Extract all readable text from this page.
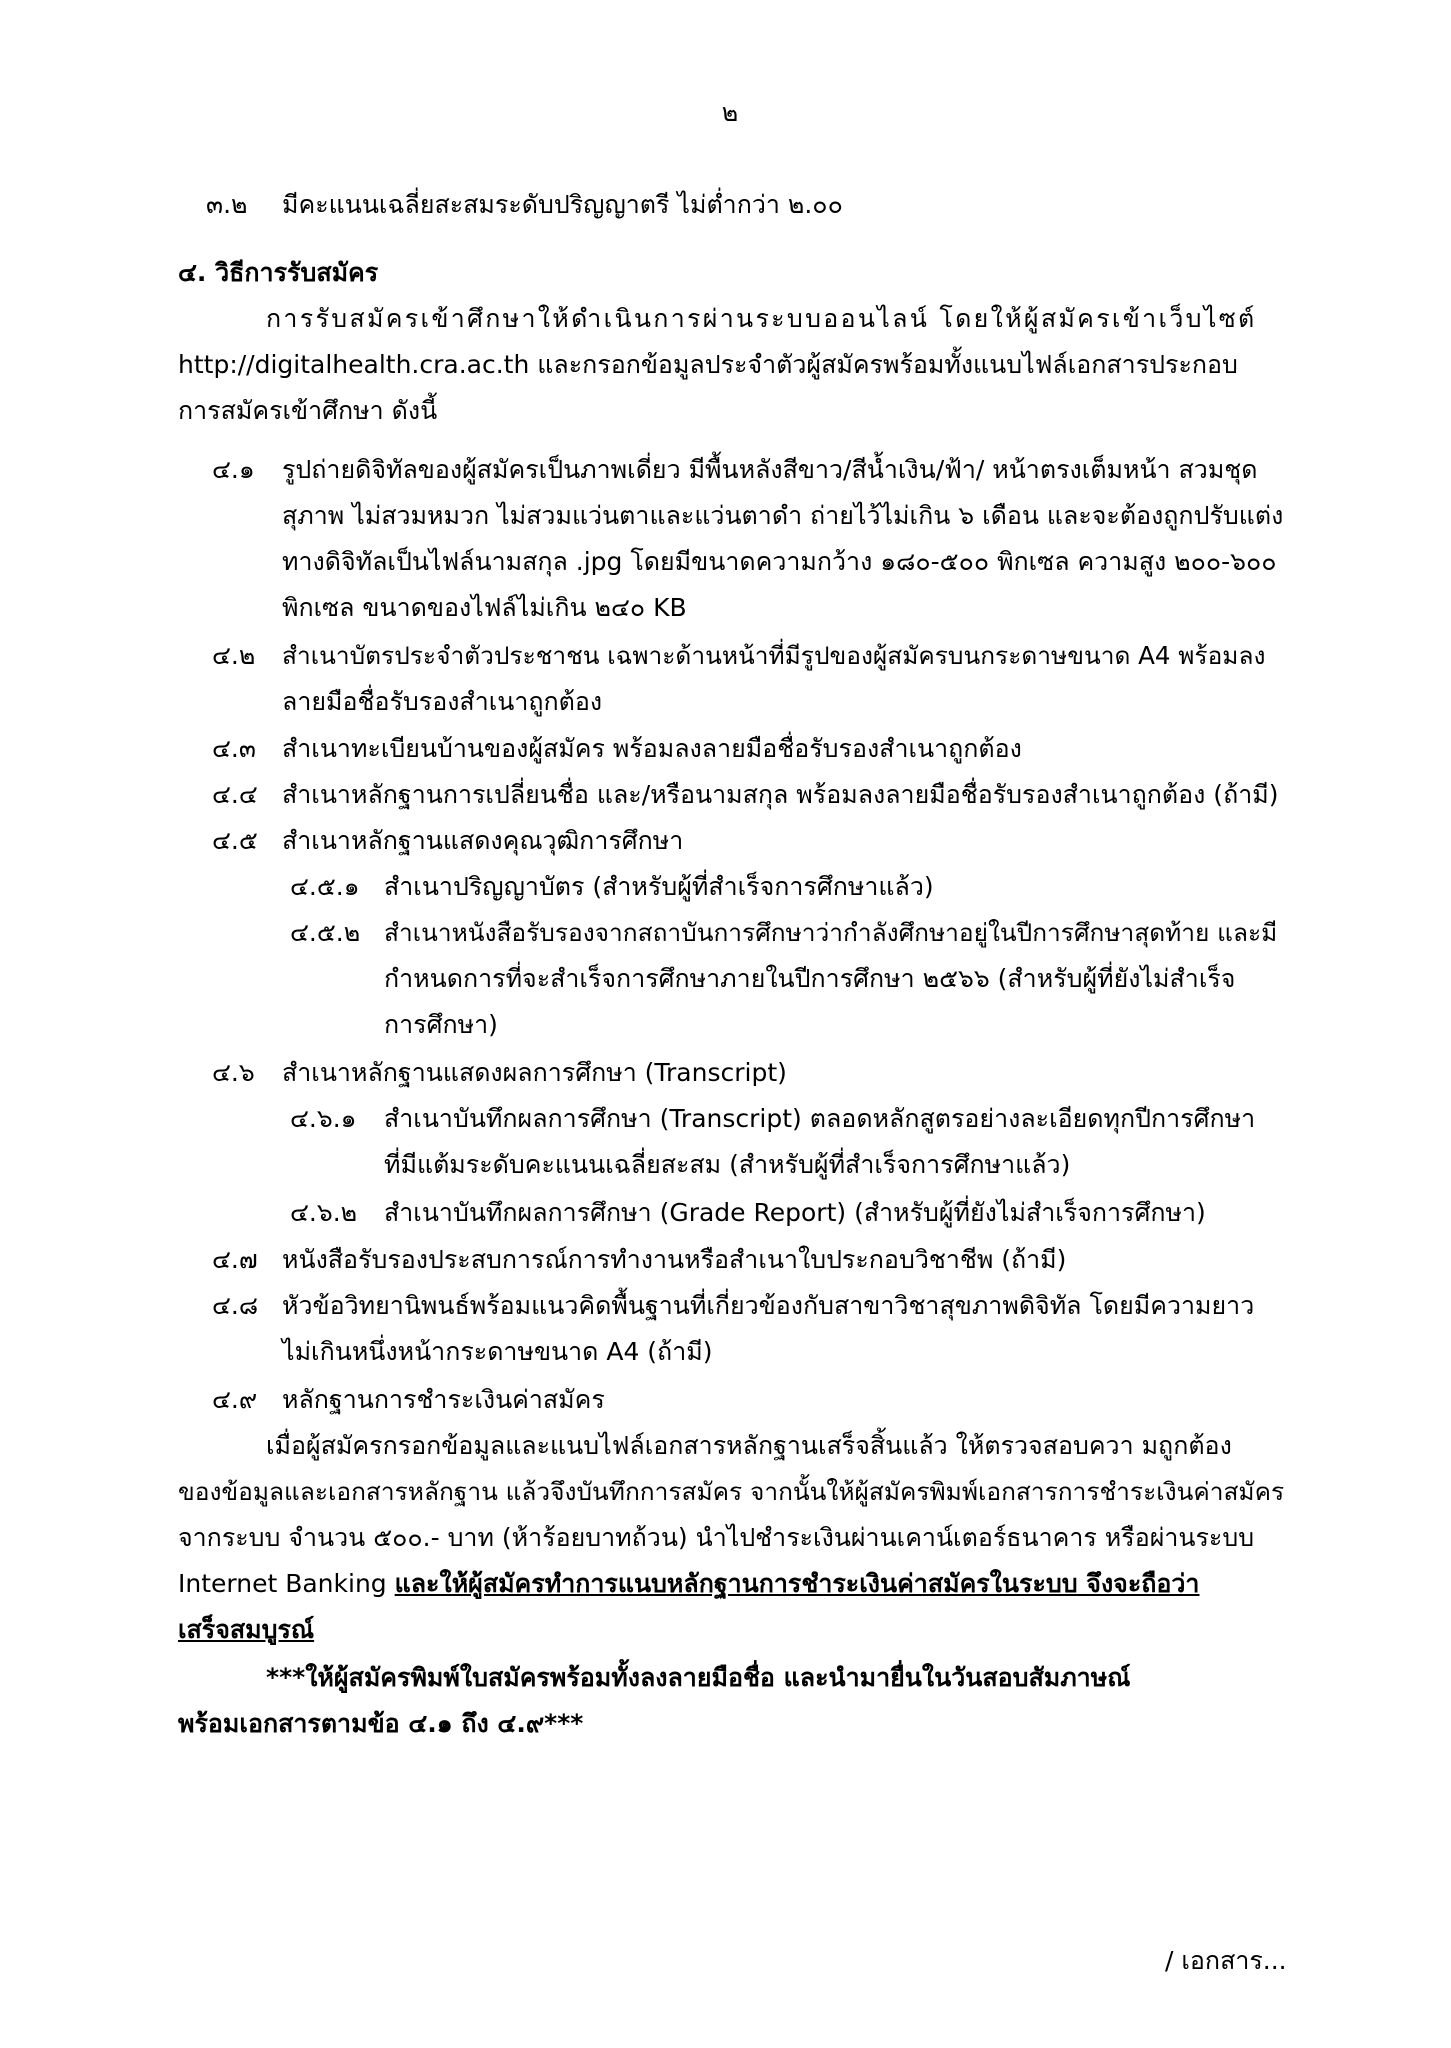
๒
๓.๒ มีคะแนนเฉลี่ยสะสมระดับปริญญาตรี ไม่ต่ำกว่า ๒.๐๐
๔. วิธีการรับสมัคร
การรับสมัครเข้าศึกษาให้ดำเนินการผ่านระบบออนไลน์ โดยให้ผู้สมัครเข้าเว็บไซต์
http://digitalhealth.cra.ac.th และกรอกข้อมูลประจำตัวผู้สมัครพร้อมทั้งแนบไฟล์เอกสารประกอบ
การสมัครเข้าศึกษา ดังนี้
๔.๑ รูปถ่ายดิจิทัลของผู้สมัครเป็นภาพเดี่ยว มีพื้นหลังสีขาว/สีน้ำเงิน/ฟ้า/ หน้าตรงเต็มหน้า สวมชุด
สุภาพ ไม่สวมหมวก ไม่สวมแว่นตาและแว่นตาดำ ถ่ายไว้ไม่เกิน ๖ เดือน และจะต้องถูกปรับแต่ง
ทางดิจิทัลเป็นไฟล์นามสกุล .jpg โดยมีขนาดความกว้าง ๑๘๐-๕๐๐ พิกเซล ความสูง ๒๐๐-๖๐๐
พิกเซล ขนาดของไฟล์ไม่เกิน ๒๔๐ KB
๔.๒ สำเนาบัตรประจำตัวประชาชน เฉพาะด้านหน้าที่มีรูปของผู้สมัครบนกระดาษขนาด A4 พร้อมลง
ลายมือชื่อรับรองสำเนาถูกต้อง
๔.๓ สำเนาทะเบียนบ้านของผู้สมัคร พร้อมลงลายมือชื่อรับรองสำเนาถูกต้อง
๔.๔ สำเนาหลักฐานการเปลี่ยนชื่อ และ/หรือนามสกุล พร้อมลงลายมือชื่อรับรองสำเนาถูกต้อง (ถ้ามี)
๔.๕ สำเนาหลักฐานแสดงคุณวุฒิการศึกษา
๔.๕.๑ สำเนาปริญญาบัตร (สำหรับผู้ที่สำเร็จการศึกษาแล้ว)
๔.๕.๒ สำเนาหนังสือรับรองจากสถาบันการศึกษาว่ากำลังศึกษาอยู่ในปีการศึกษาสุดท้าย และมี
กำหนดการที่จะสำเร็จการศึกษาภายในปีการศึกษา ๒๕๖๖ (สำหรับผู้ที่ยังไม่สำเร็จ
การศึกษา)
๔.๖ สำเนาหลักฐานแสดงผลการศึกษา (Transcript)
๔.๖.๑ สำเนาบันทึกผลการศึกษา (Transcript) ตลอดหลักสูตรอย่างละเอียดทุกปีการศึกษา
ที่มีแต้มระดับคะแนนเฉลี่ยสะสม (สำหรับผู้ที่สำเร็จการศึกษาแล้ว)
๔.๖.๒ สำเนาบันทึกผลการศึกษา (Grade Report) (สำหรับผู้ที่ยังไม่สำเร็จการศึกษา)
๔.๗ หนังสือรับรองประสบการณ์การทำงานหรือสำเนาใบประกอบวิชาชีพ (ถ้ามี)
๔.๘ หัวข้อวิทยานิพนธ์พร้อมแนวคิดพื้นฐานที่เกี่ยวข้องกับสาขาวิชาสุขภาพดิจิทัล โดยมีความยาว
ไม่เกินหนึ่งหน้ากระดาษขนาด A4 (ถ้ามี)
๔.๙ หลักฐานการชำระเงินค่าสมัคร
เมื่อผู้สมัครกรอกข้อมูลและแนบไฟล์เอกสารหลักฐานเสร็จสิ้นแล้ว ให้ตรวจสอบควา มถูกต้อง
ของข้อมูลและเอกสารหลักฐาน แล้วจึงบันทึกการสมัคร จากนั้นให้ผู้สมัครพิมพ์เอกสารการชำระเงินค่าสมัคร
จากระบบ จำนวน ๕๐๐.- บาท (ห้าร้อยบาทถ้วน) นำไปชำระเงินผ่านเคาน์เตอร์ธนาคาร หรือผ่านระบบ
Internet Banking และให้ผู้สมัครทำการแนบหลักฐานการชำระเงินค่าสมัครในระบบ จึงจะถือว่า
เสร็จสมบูรณ์
***ให้ผู้สมัครพิมพ์ใบสมัครพร้อมทั้งลงลายมือชื่อ และนำมายื่นในวันสอบสัมภาษณ์
พร้อมเอกสารตามข้อ ๔.๑ ถึง ๔.๙***
/ เอกสาร...
